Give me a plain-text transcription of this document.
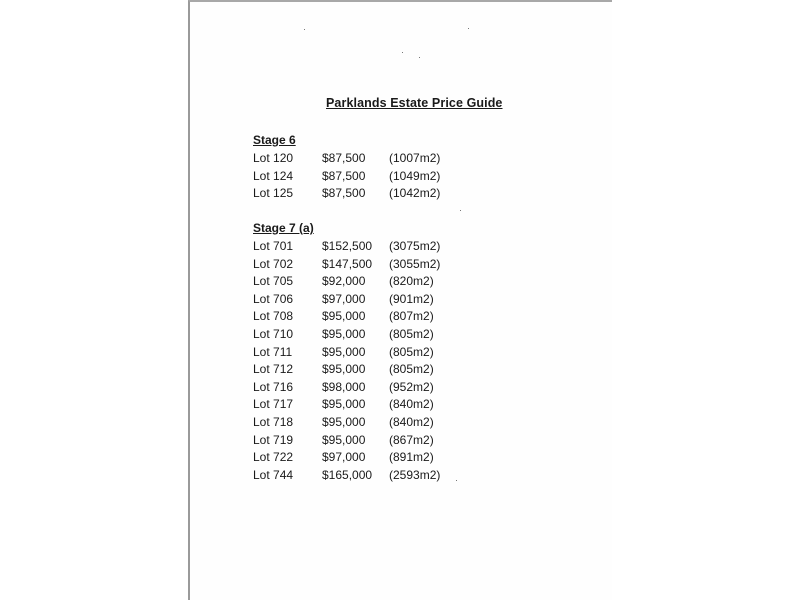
Parklands Estate Price Guide
Stage 6
Lot 120 $87,500 (1007m2)
Lot 124 $87,500 (1049m2)
Lot 125 $87,500 (1042m2)
Stage 7 (a)
Lot 701 $152,500 (3075m2)
Lot 702 $147,500 (3055m2)
Lot 705 $92,000 (820m2)
Lot 706 $97,000 (901m2)
Lot 708 $95,000 (807m2)
Lot 710 $95,000 (805m2)
Lot 711 $95,000 (805m2)
Lot 712 $95,000 (805m2)
Lot 716 $98,000 (952m2)
Lot 717 $95,000 (840m2)
Lot 718 $95,000 (840m2)
Lot 719 $95,000 (867m2)
Lot 722 $97,000 (891m2)
Lot 744 $165,000 (2593m2)
